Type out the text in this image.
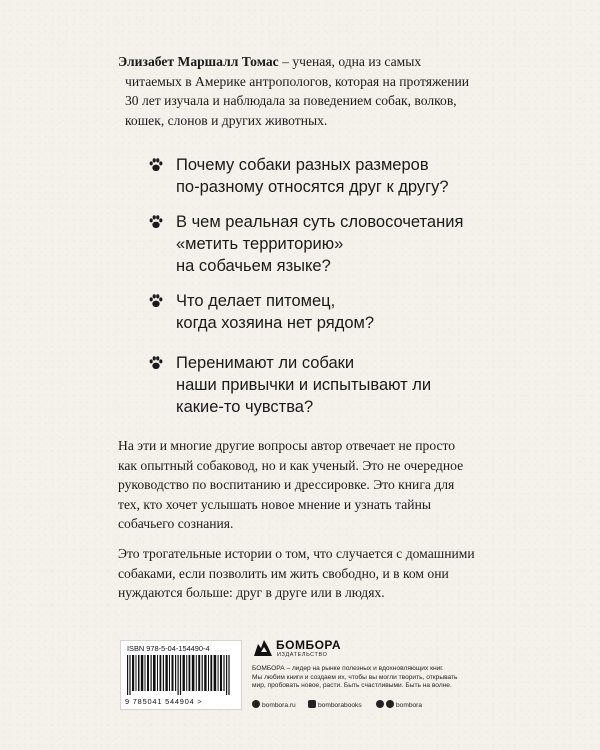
Элизабет Маршалл Томас – ученая, одна из самых
читаемых в Америке антропологов, которая на протяжении
30 лет изучала и наблюдала за поведением собак, волков,
кошек, слонов и других животных.

Почему собаки разных размеров
по-разному относятся друг к другу?
В чем реальная суть словосочетания
«метить территорию»
на собачьем языке?
Что делает питомец,
когда хозяина нет рядом?
Перенимают ли собаки
наши привычки и испытывают ли
какие-то чувства?

На эти и многие другие вопросы автор отвечает не просто
как опытный собаковод, но и как ученый. Это не очередное
руководство по воспитанию и дрессировке. Это книга для
тех, кто хочет услышать новое мнение и узнать тайны
собачьего сознания.

Это трогательные истории о том, что случается с домашними
собаками, если позволить им жить свободно, и в ком они
нуждаются больше: друг в друге или в людях.

ISBN 978-5-04-154490-4
9 785041 544904 >
БОМБОРА
ИЗДАТЕЛЬСТВО
БОМБОРА – лидер на рынке полезных и вдохновляющих книг.
Мы любим книги и создаем их, чтобы вы могли творить, открывать
мир, пробовать новое, расти. Быть счастливыми. Быть на волне.
bombora.ru	bomborabooks	bombora
